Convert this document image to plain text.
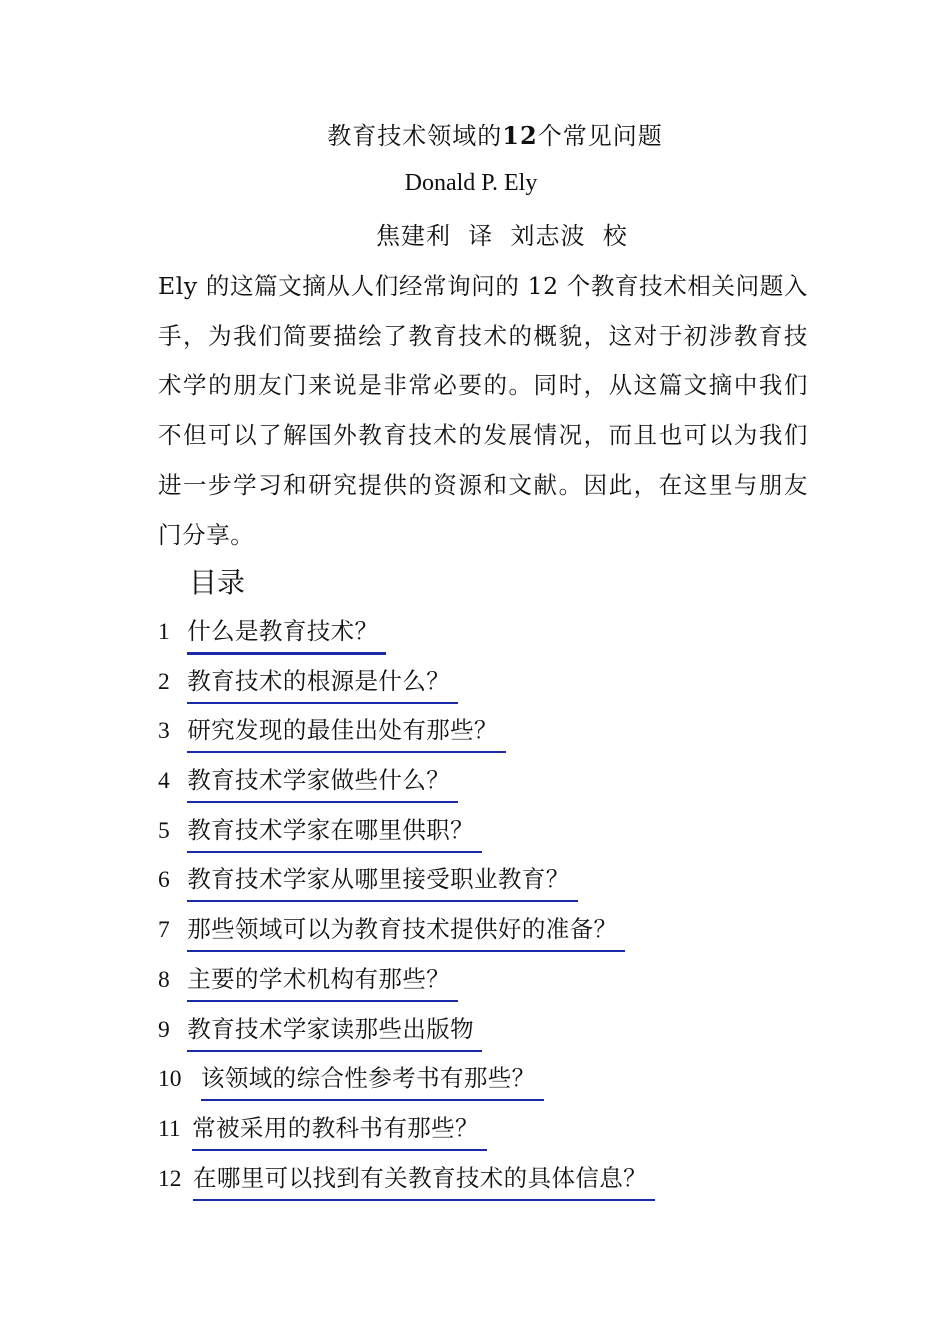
教育技术领域的12个常见问题
Donald P. Ely
焦建利  译  刘志波  校
Ely 的这篇文摘从人们经常询问的 12 个教育技术相关问题入手，为我们简要描绘了教育技术的概貌，这对于初涉教育技术学的朋友门来说是非常必要的。同时，从这篇文摘中我们不但可以了解国外教育技术的发展情况，而且也可以为我们进一步学习和研究提供的资源和文献。因此，在这里与朋友门分享。
目录
1 什么是教育技术？
2 教育技术的根源是什么？
3 研究发现的最佳出处有那些？
4 教育技术学家做些什么？
5 教育技术学家在哪里供职？
6 教育技术学家从哪里接受职业教育？
7 那些领域可以为教育技术提供好的准备？
8 主要的学术机构有那些？
9 教育技术学家读那些出版物
10 该领域的综合性参考书有那些？
11 常被采用的教科书有那些？
12 在哪里可以找到有关教育技术的具体信息？
